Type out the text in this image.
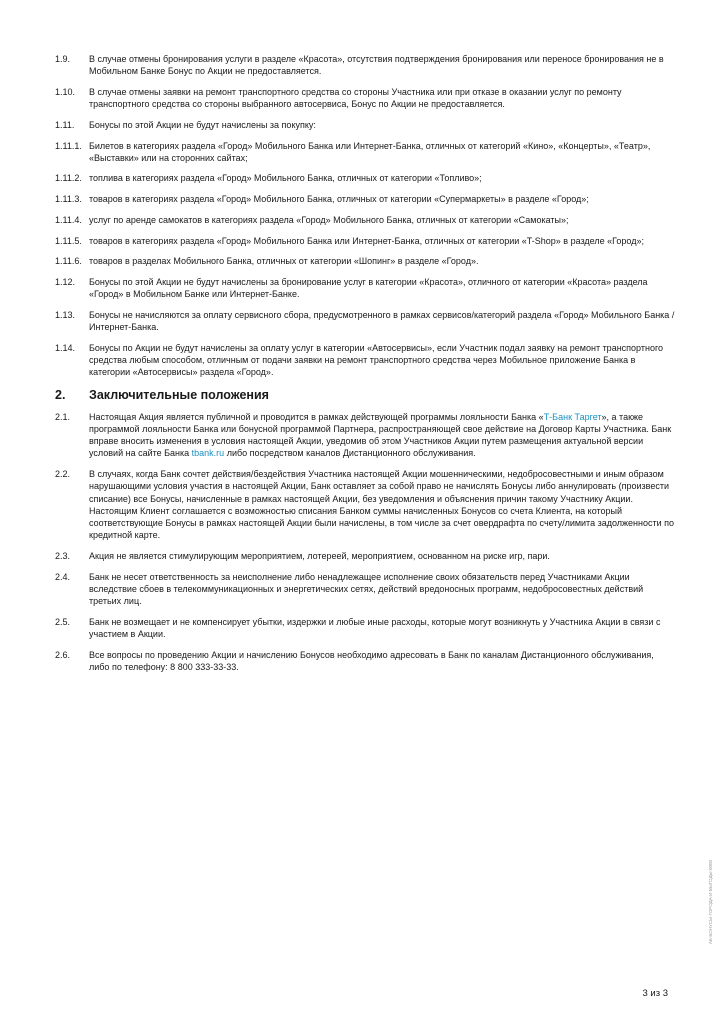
1.9.	В случае отмены бронирования услуги в разделе «Красота», отсутствия подтверждения бронирования или переносе бронирования не в Мобильном Банке Бонус по Акции не предоставляется.
1.10.	В случае отмены заявки на ремонт транспортного средства со стороны Участника или при отказе в оказании услуг по ремонту транспортного средства со стороны выбранного автосервиса, Бонус по Акции не предоставляется.
1.11.	Бонусы по этой Акции не будут начислены за покупку:
1.11.1. Билетов в категориях раздела «Город» Мобильного Банка или Интернет-Банка, отличных от категорий «Кино», «Концерты», «Театр», «Выставки» или на сторонних сайтах;
1.11.2. топлива в категориях раздела «Город» Мобильного Банка, отличных от категории «Топливо»;
1.11.3. товаров в категориях раздела «Город» Мобильного Банка, отличных от категории «Супермаркеты» в разделе «Город»;
1.11.4. услуг по аренде самокатов в категориях раздела «Город» Мобильного Банка, отличных от категории «Самокаты»;
1.11.5. товаров в категориях раздела «Город» Мобильного Банка или Интернет-Банка, отличных от категории «T-Shop» в разделе «Город»;
1.11.6. товаров в разделах Мобильного Банка, отличных от категории «Шопинг» в разделе «Город».
1.12.	Бонусы по этой Акции не будут начислены за бронирование услуг в категории «Красота», отличного от категории «Красота» раздела «Город» в Мобильном Банке или Интернет-Банке.
1.13.	Бонусы не начисляются за оплату сервисного сбора, предусмотренного в рамках сервисов/категорий раздела «Город» Мобильного Банка / Интернет-Банка.
1.14.	Бонусы по Акции не будут начислены за оплату услуг в категории «Автосервисы», если Участник подал заявку на ремонт транспортного средства любым способом, отличным от подачи заявки на ремонт транспортного средства через Мобильное приложение Банка в категории «Автосервисы» раздела «Город».
2.	Заключительные положения
2.1.	Настоящая Акция является публичной и проводится в рамках действующей программы лояльности Банка «Т-Банк Таргет», а также программой лояльности Банка или бонусной программой Партнера, распространяющей свое действие на Договор Карты Участника. Банк вправе вносить изменения в условия настоящей Акции, уведомив об этом Участников Акции путем размещения актуальной версии условий на сайте Банка tbank.ru либо посредством каналов Дистанционного обслуживания.
2.2.	В случаях, когда Банк сочтет действия/бездействия Участника настоящей Акции мошенническими, недобросовестными и иным образом нарушающими условия участия в настоящей Акции, Банк оставляет за собой право не начислять Бонусы либо аннулировать (произвести списание) все Бонусы, начисленные в рамках настоящей Акции, без уведомления и объяснения причин такому Участнику Акции. Настоящим Клиент соглашается с возможностью списания Банком суммы начисленных Бонусов со счета Клиента, на который соответствующие Бонусы в рамках настоящей Акции были начислены, в том числе за счет овердрафта по счету/лимита задолженности по кредитной карте.
2.3.	Акция не является стимулирующим мероприятием, лотереей, мероприятием, основанном на риске игр, пари.
2.4.	Банк не несет ответственность за неисполнение либо ненадлежащее исполнение своих обязательств перед Участниками Акции вследствие сбоев в телекоммуникационных и энергетических сетях, действий вредоносных программ, недобросовестных действий третьих лиц.
2.5.	Банк не возмещает и не компенсирует убытки, издержки и любые иные расходы, которые могут возникнуть у Участника Акции в связи с участием в Акции.
2.6.	Все вопросы по проведению Акции и начислению Бонусов необходимо адресовать в Банк по каналам Дистанционного обслуживания, либо по телефону: 8 800 333-33-33.
АБ-БОНУСЫ-ГОРОДА-И-ВЫГОДЫ-0000
3 из 3
